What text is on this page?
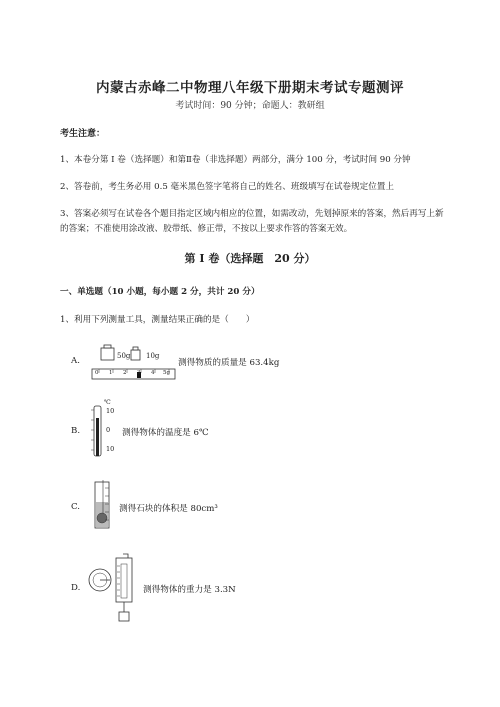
内蒙古赤峰二中物理八年级下册期末考试专题测评
考试时间：90 分钟；命题人：教研组
考生注意：
1、本卷分第 I 卷（选择题）和第Ⅱ卷（非选择题）两部分，满分 100 分，考试时间 90 分钟
2、答卷前，考生务必用 0.5 毫米黑色签字笔将自己的姓名、班级填写在试卷规定位置上
3、答案必须写在试卷各个题目指定区域内相应的位置，如需改动，先划掉原来的答案，然后再写上新
的答案；不准使用涂改液、胶带纸、修正带，不按以上要求作答的答案无效。
第 I 卷（选择题　20 分）
一、单选题（10 小题，每小题 2 分，共计 20 分）
1、利用下列测量工具，测量结果正确的是（　　）
A.	50g 10g
0 1 2 3 4 5g
测得物质的质量是 63.4kg
B.
℃
10
0
10
测得物体的温度是 6℃
C.	测得石块的体积是 80cm³
D.	测得物体的重力是 3.3N
